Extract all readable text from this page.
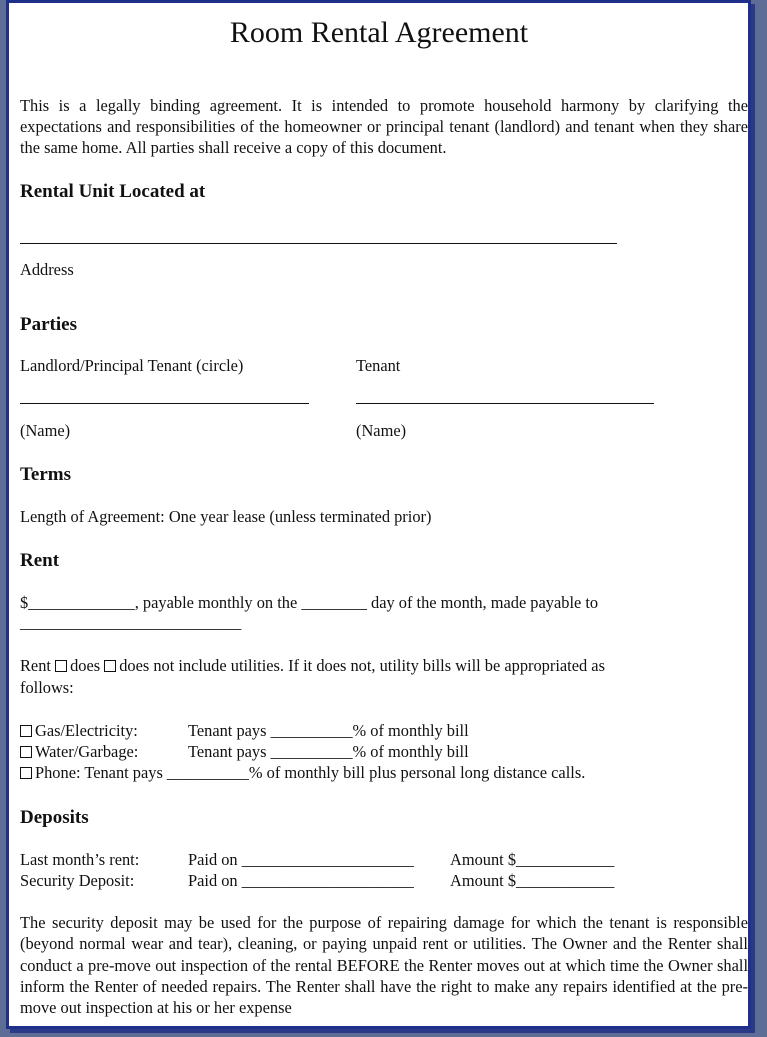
Room Rental Agreement
This is a legally binding agreement. It is intended to promote household harmony by clarifying the expectations and responsibilities of the homeowner or principal tenant (landlord) and tenant when they share the same home. All parties shall receive a copy of this document.
Rental Unit Located at
Address
Parties
Landlord/Principal Tenant (circle)	Tenant
(Name)	(Name)
Terms
Length of Agreement: One year lease (unless terminated prior)
Rent
$_____________, payable monthly on the ________ day of the month, made payable to
___________________________
Rent does does not include utilities. If it does not, utility bills will be appropriated as
follows:
Gas/Electricity:	Tenant pays __________% of monthly bill
Water/Garbage:	Tenant pays __________% of monthly bill
Phone: Tenant pays __________% of monthly bill plus personal long distance calls.
Deposits
Last month’s rent:	Paid on _____________________ Amount $____________
Security Deposit:	Paid on _____________________ Amount $____________
The security deposit may be used for the purpose of repairing damage for which the tenant is responsible (beyond normal wear and tear), cleaning, or paying unpaid rent or utilities. The Owner and the Renter shall conduct a pre-move out inspection of the rental BEFORE the Renter moves out at which time the Owner shall inform the Renter of needed repairs. The Renter shall have the right to make any repairs identified at the pre-move out inspection at his or her expense
